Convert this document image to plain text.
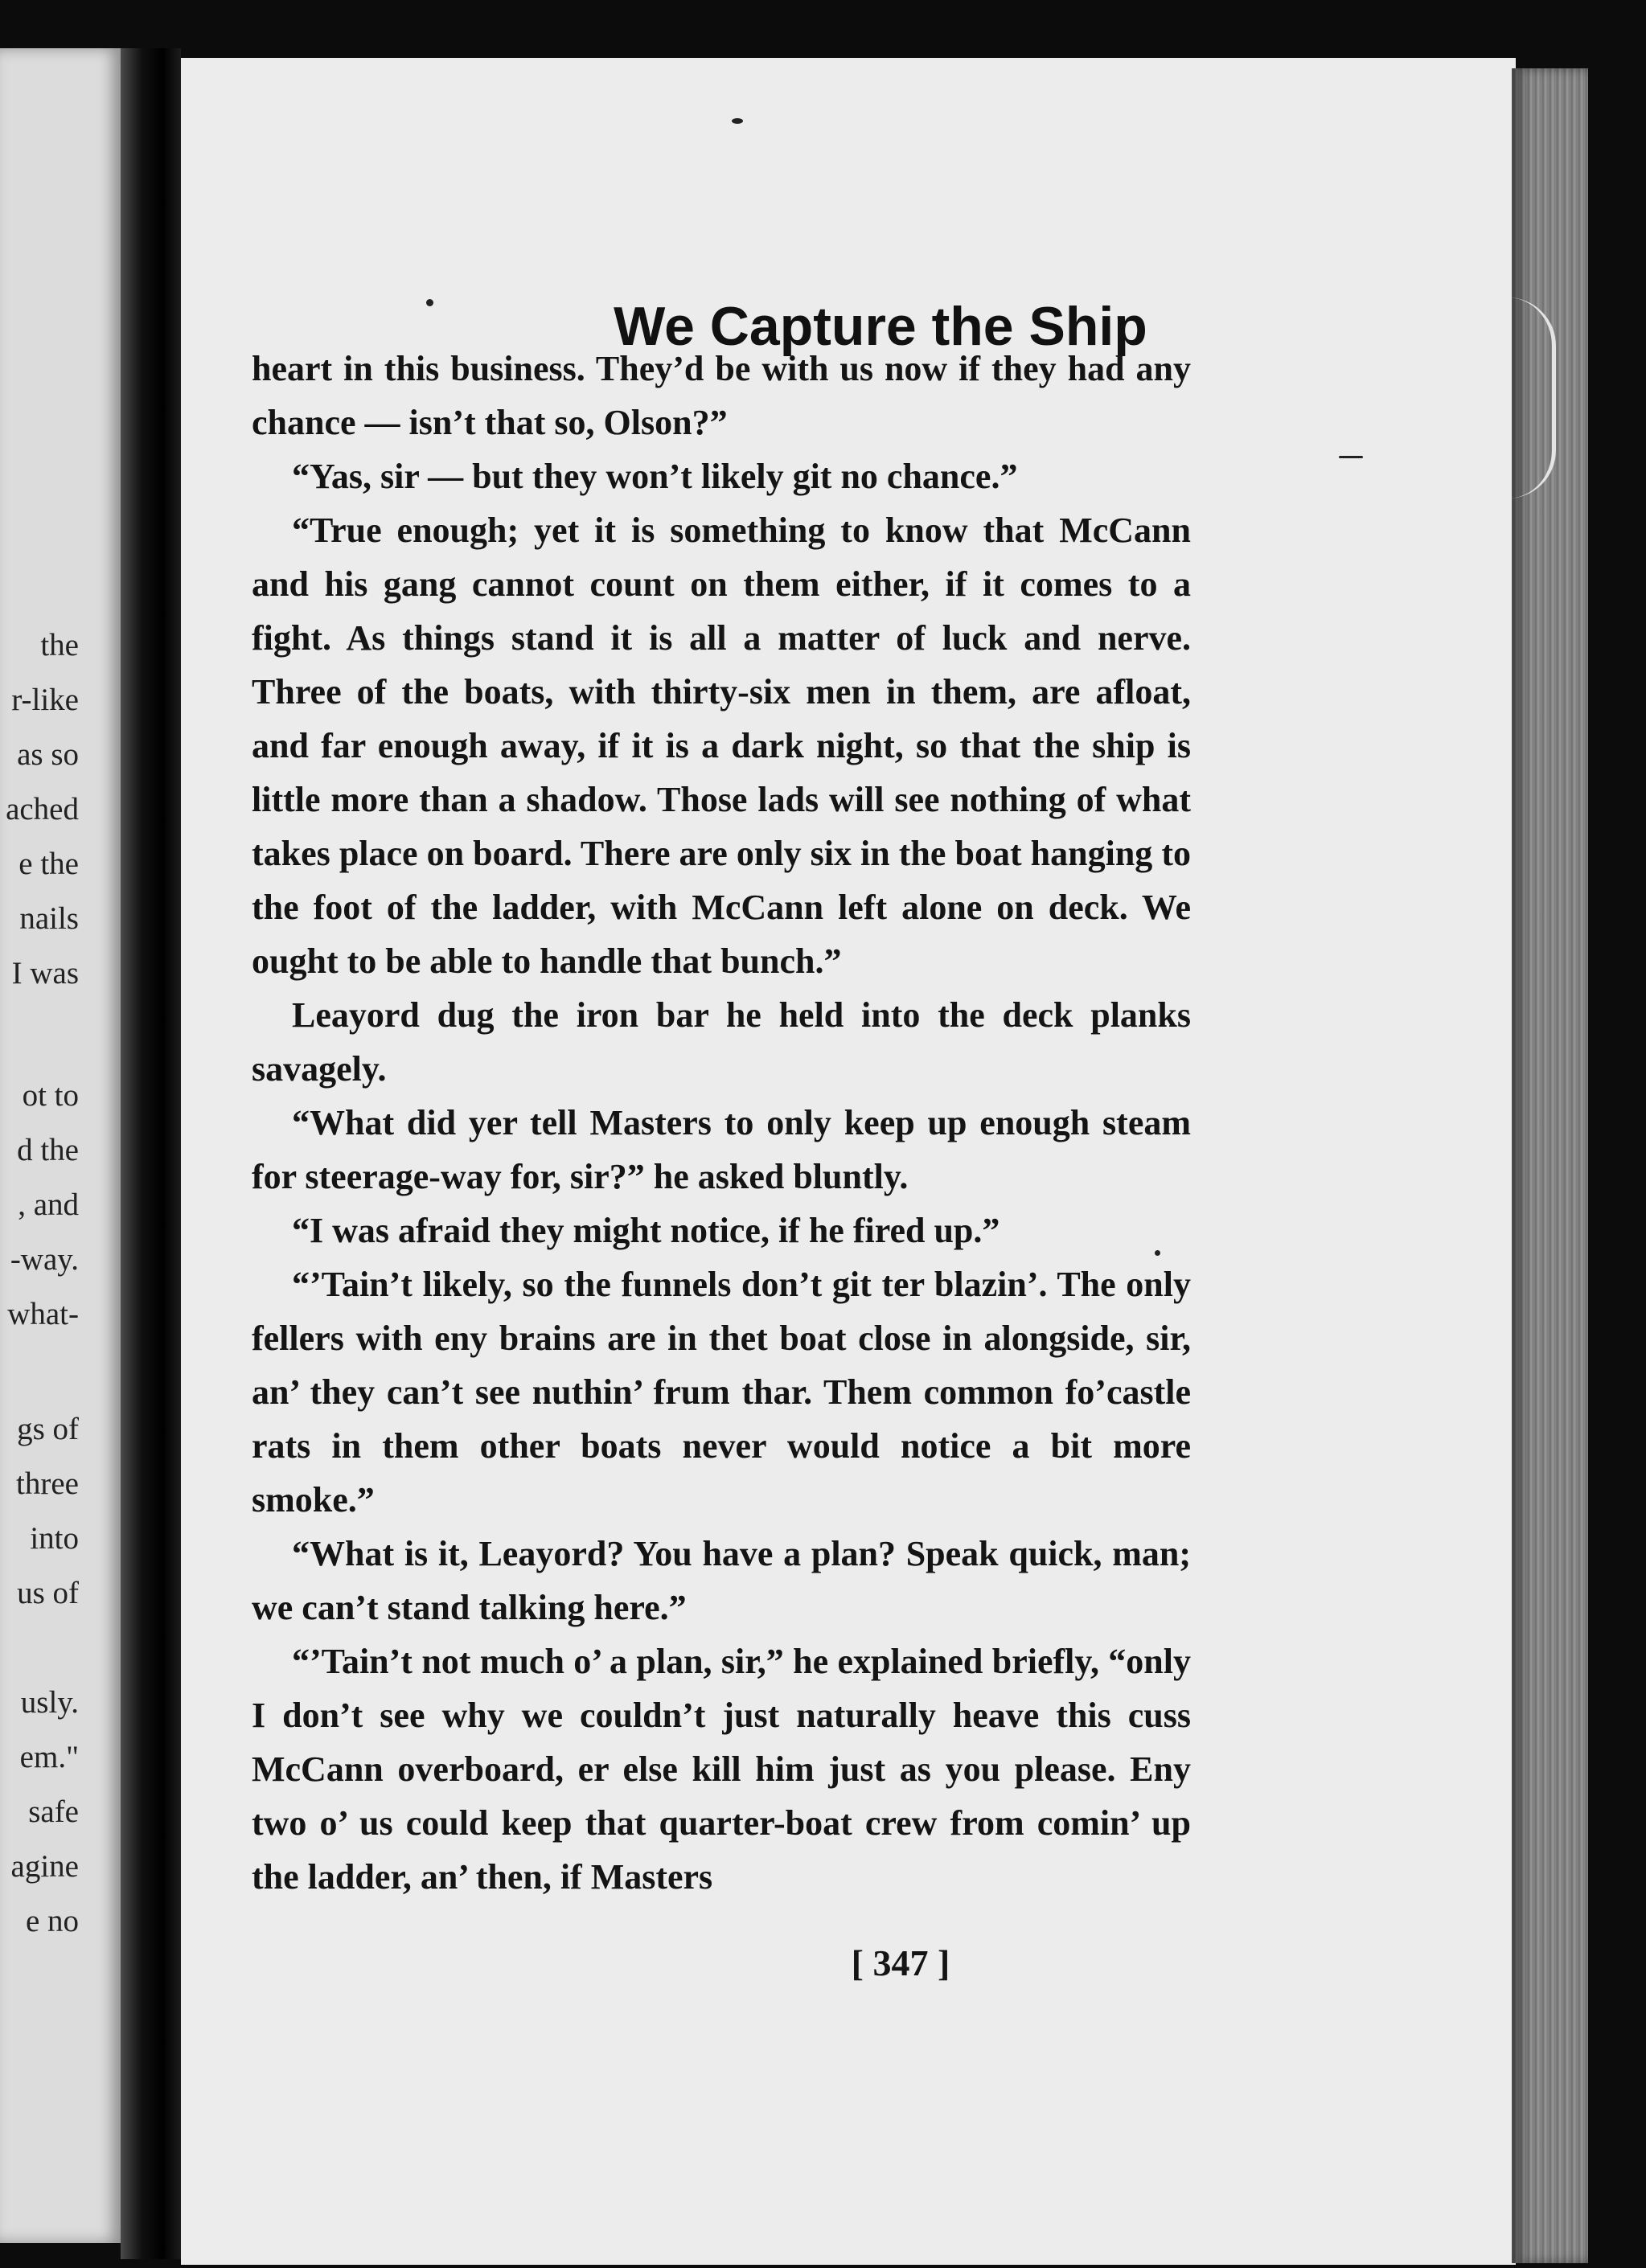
the
r-like
as so
ached
e the
nails
I was
ot to
d the
, and
-way.
what-
gs of
three
into
us of
usly.
em."
safe
agine
e no
We Capture the Ship

heart in this business. They’d be with us now if they had any chance — isn’t that so, Olson?”

“Yas, sir — but they won’t likely git no chance.”

“True enough; yet it is something to know that McCann and his gang cannot count on them either, if it comes to a fight. As things stand it is all a matter of luck and nerve. Three of the boats, with thirty-six men in them, are afloat, and far enough away, if it is a dark night, so that the ship is little more than a shadow. Those lads will see nothing of what takes place on board. There are only six in the boat hanging to the foot of the ladder, with McCann left alone on deck. We ought to be able to handle that bunch.”

Leayord dug the iron bar he held into the deck planks savagely.

“What did yer tell Masters to only keep up enough steam for steerage-way for, sir?” he asked bluntly.

“I was afraid they might notice, if he fired up.”

“’Tain’t likely, so the funnels don’t git ter blazin’. The only fellers with eny brains are in thet boat close in alongside, sir, an’ they can’t see nuthin’ frum thar. Them common fo’castle rats in them other boats never would notice a bit more smoke.”

“What is it, Leayord? You have a plan? Speak quick, man; we can’t stand talking here.”

“’Tain’t not much o’ a plan, sir,” he explained briefly, “only I don’t see why we couldn’t just naturally heave this cuss McCann overboard, er else kill him just as you please. Eny two o’ us could keep that quarter-boat crew from comin’ up the ladder, an’ then, if Masters

[ 347 ]
